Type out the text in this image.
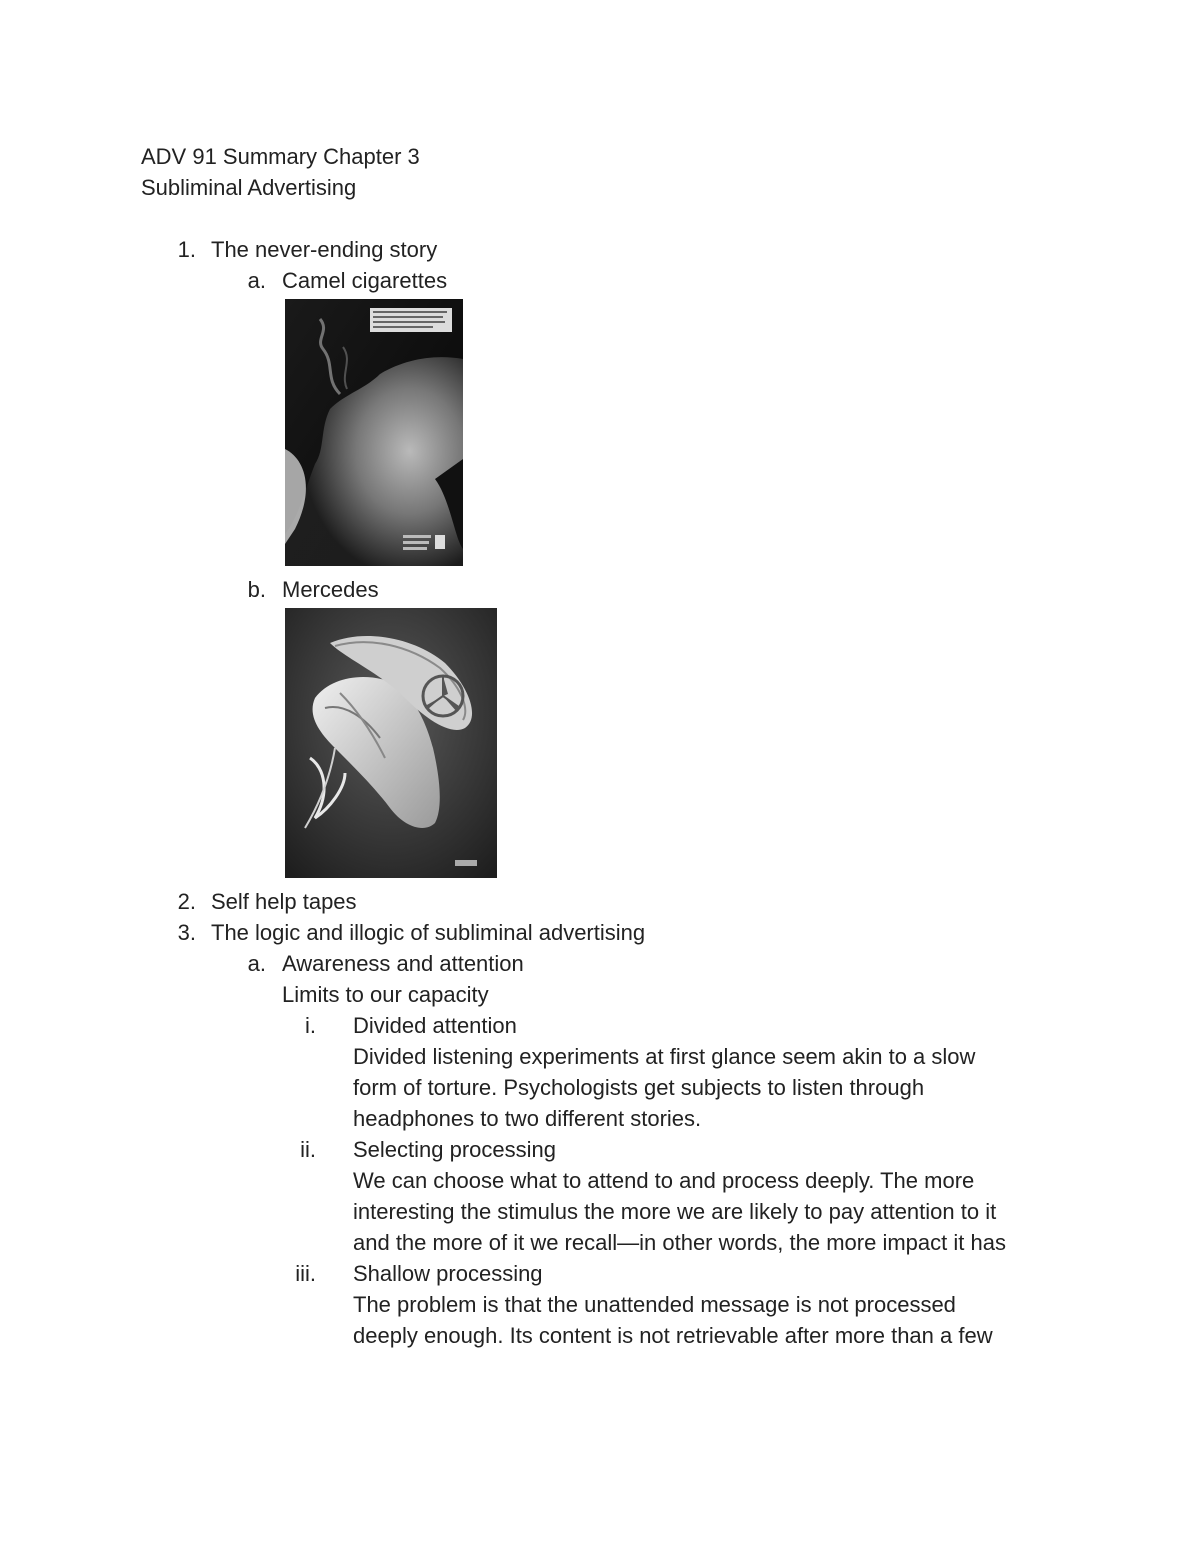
ADV 91 Summary Chapter 3
Subliminal Advertising
1. The never-ending story
a. Camel cigarettes
b. Mercedes
2. Self help tapes
3. The logic and illogic of subliminal advertising
a. Awareness and attention
Limits to our capacity
i. Divided attention
Divided listening experiments at first glance seem akin to a slow
form of torture. Psychologists get subjects to listen through
headphones to two different stories.
ii. Selecting processing
We can choose what to attend to and process deeply. The more
interesting the stimulus the more we are likely to pay attention to it
and the more of it we recall—in other words, the more impact it has
iii. Shallow processing
The problem is that the unattended message is not processed
deeply enough. Its content is not retrievable after more than a few
